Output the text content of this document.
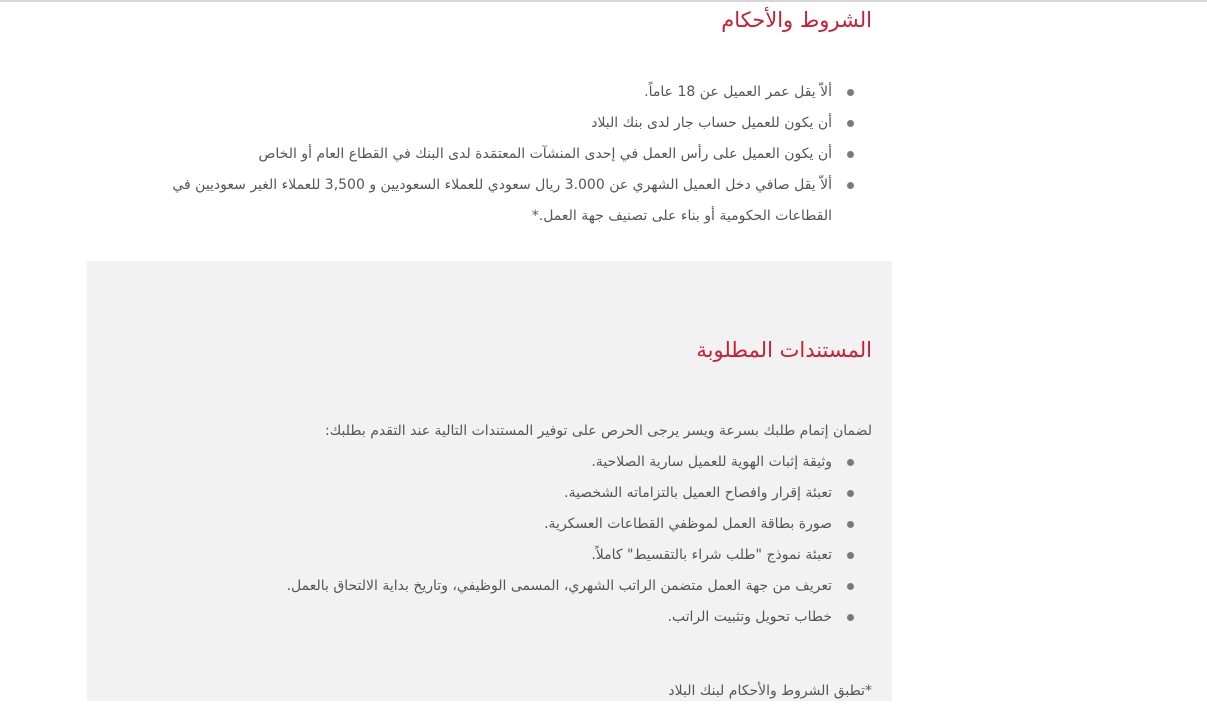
الشروط والأحكام
ألاّ يقل عمر العميل عن 18 عاماً.
أن يكون للعميل حساب جار لدى بنك البلاد
أن يكون العميل على رأس العمل في إحدى المنشآت المعتمَدة لدى البنك في القطاع العام أو الخاص
ألاّ يقل صافي دخل العميل الشهري عن 3.000 ريال سعودي للعملاء السعوديين و 3,500 للعملاء الغير سعوديين في القطاعات الحكومية أو بناء على تصنيف جهة العمل.*
المستندات المطلوبة

لضمان إتمام طلبك بسرعة ويسر يرجى الحرص على توفير المستندات التالية عند التقدم بطلبك:

وثيقة إثبات الهوية للعميل سارية الصلاحية.
تعبئة إقرار وافصاح العميل بالتزاماته الشخصية.
صورة بطاقة العمل لموظفي القطاعات العسكرية.
تعبئة نموذج "طلب شراء بالتقسيط" كاملاً.
تعريف من جهة العمل متضمن الراتب الشهري، المسمى الوظيفي، وتاريخ بداية الالتحاق بالعمل.
خطاب تحويل وتثبيت الراتب.

*تطبق الشروط والأحكام لبنك البلاد
